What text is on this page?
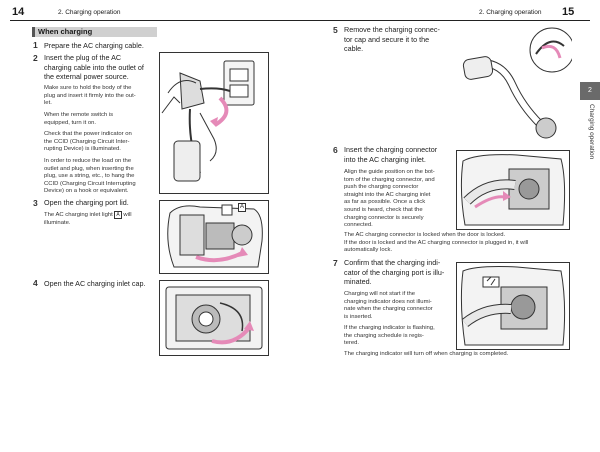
14	2. Charging operation	2. Charging operation 15
2
Charging operation
When charging
1 Prepare the AC charging cable.
2 Insert the plug of the AC
charging cable into the outlet of
the external power source.
Make sure to hold the body of the
plug and insert it firmly into the out-
let.
When the remote switch is
equipped, turn it on.
Check that the power indicator on
the CCID (Charging Circuit Inter-
rupting Device) is illuminated.
In order to reduce the load on the
outlet and plug, when inserting the
plug, use a string, etc., to hang the
CCID (Charging Circuit Interrupting
Device) on a hook or equivalent.
3 Open the charging port lid.
The AC charging inlet light A will
illuminate.
4 Open the AC charging inlet cap.
A
5 Remove the charging connec-
tor cap and secure it to the
cable.
6 Insert the charging connector
into the AC charging inlet.
Align the guide position on the bot-
tom of the charging connector, and
push the charging connector
straight into the AC charging inlet
as far as possible. Once a click
sound is heard, check that the
charging connector is securely
connected.
The AC charging connector is locked when the door is locked.
If the door is locked and the AC charging connector is plugged in, it will
automatically lock.
7 Confirm that the charging indi-
cator of the charging port is illu-
minated.
Charging will not start if the
charging indicator does not illumi-
nate when the charging connector
is inserted.
If the charging indicator is flashing,
the charging schedule is regis-
tered.
The charging indicator will turn off when charging is completed.
